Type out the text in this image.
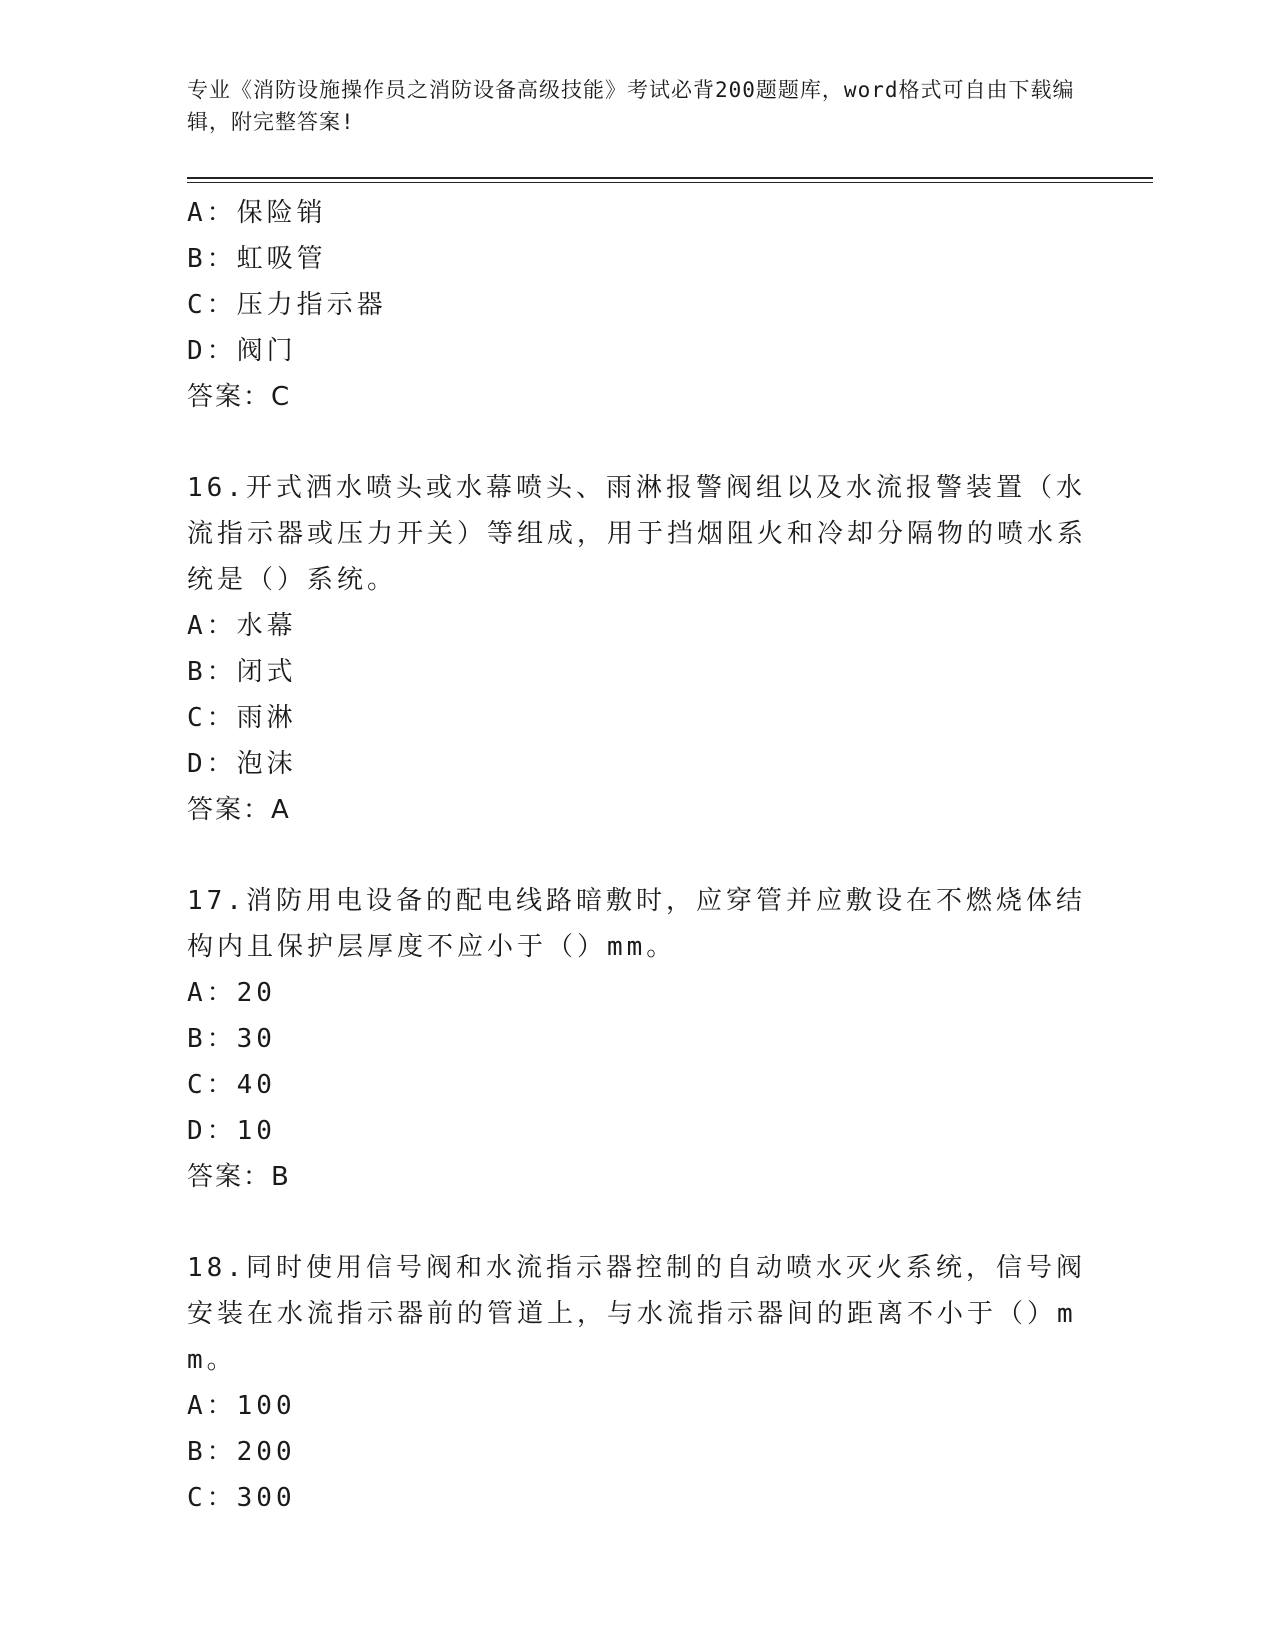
专业《消防设施操作员之消防设备高级技能》考试必背200题题库，word格式可自由下载编辑，附完整答案!
A：保险销
B：虹吸管
C：压力指示器
D：阀门
答案：C
16.开式洒水喷头或水幕喷头、雨淋报警阀组以及水流报警装置（水流指示器或压力开关）等组成，用于挡烟阻火和冷却分隔物的喷水系统是（）系统。
A：水幕
B：闭式
C：雨淋
D：泡沫
答案：A
17.消防用电设备的配电线路暗敷时，应穿管并应敷设在不燃烧体结构内且保护层厚度不应小于（）mm。
A：20
B：30
C：40
D：10
答案：B
18.同时使用信号阀和水流指示器控制的自动喷水灭火系统，信号阀安装在水流指示器前的管道上，与水流指示器间的距离不小于（）mm。
A：100
B：200
C：300
